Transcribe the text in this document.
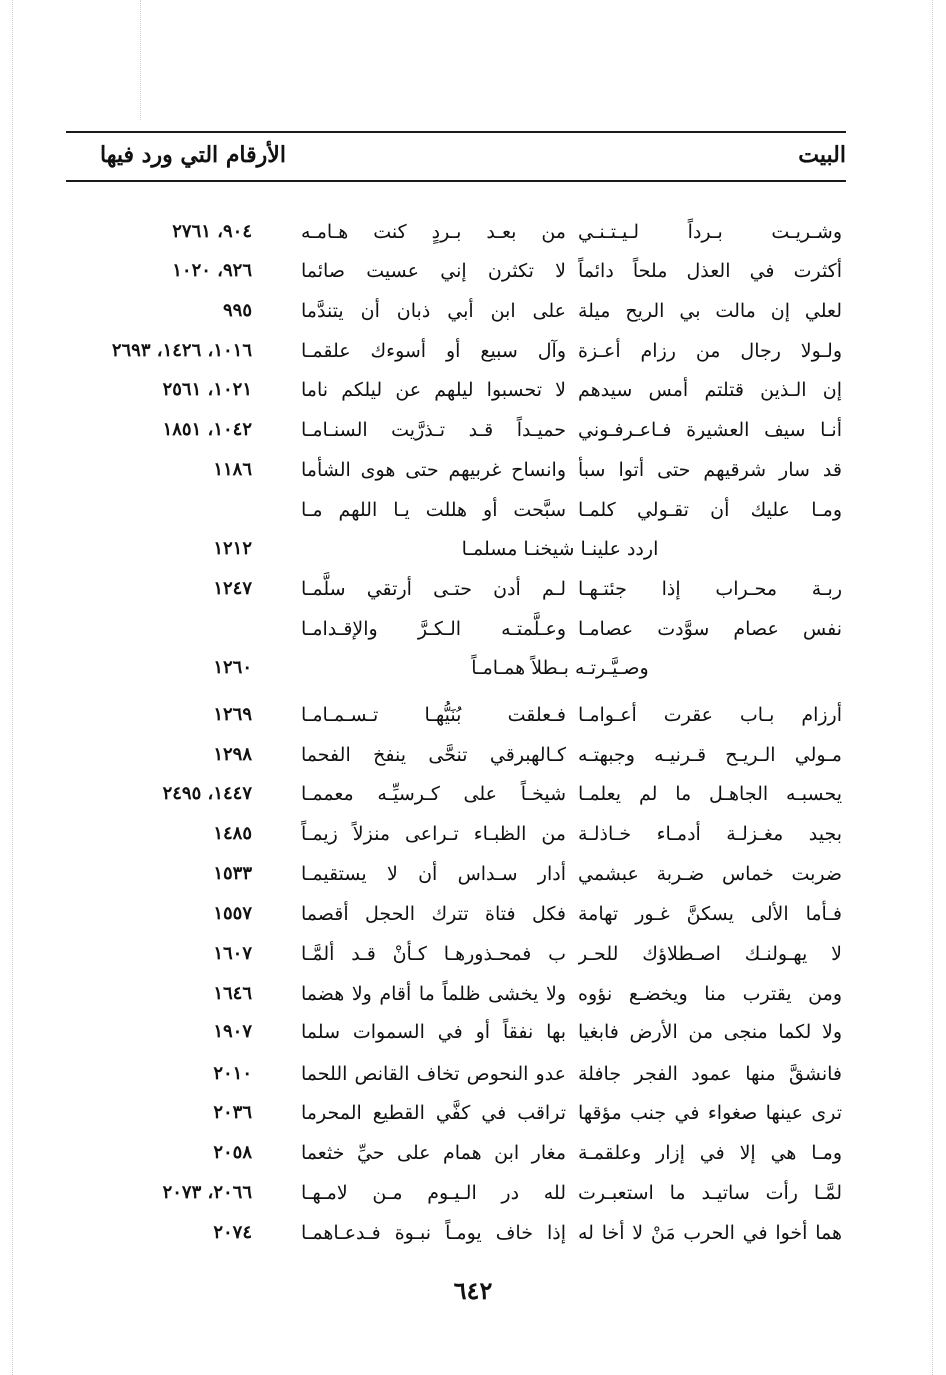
البيت
الأرقام التي ورد فيها
وشـريـت بـرداً لـيـتـنـي
من بعـد بـردٍ كنت هـامـه
٩٠٤، ٢٧٦١
أكثرت في العذل ملحاً دائماً
لا تكثرن إني عسيت صائما
٩٢٦، ١٠٢٠
لعلي إن مالت بي الريح ميلة
على ابن أبي ذبان أن يتندَّما
٩٩٥
ولـولا رجال من رزام أعـزة
وآل سبيع أو أسوءك علقمـا
١٠١٦، ١٤٢٦، ٢٦٩٣
إن الـذين قتلتم أمس سيدهم
لا تحسبوا ليلهم عن ليلكم ناما
١٠٢١، ٢٥٦١
أنـا سيف العشيرة فـاعـرفـوني
حميـداً قـد تـذرَّيت السنـامـا
١٠٤٢، ١٨٥١
قد سار شرقيهم حتى أتوا سبأ
وانساح غربيهم حتى هوى الشأما
١١٨٦
ومـا عليك أن تقـولي كلمـا
سبَّحت أو هللت يـا اللهم مـا
اردد علينـا شيخنـا مسلمـا
١٢١٢
ربـة محـراب إذا جئتـهـا
لـم أدن حتـى أرتقي سلَّمـا
١٢٤٧
نفس عصام سوَّدت عصامـا
وعـلَّمتـه الـكـرَّ والإقـدامـا
وصـيَّـرتـه بـطلاً همـامـاً
١٢٦٠
أرزام بـاب عقرت أعـوامـا
فـعلقت بُنَيُّهـا تـسـمـامـا
١٢٦٩
مـولي الـريـح قـرنيـه وجبهتـه
كـالهبرقي تنحَّى ينفخ الفحما
١٢٩٨
يحسبـه الجاهـل ما لم يعلمـا
شيخـاً على كـرسيِّـه معممـا
١٤٤٧، ٢٤٩٥
بجيد مغـزلـة أدمـاء خـاذلـة
من الظبـاء تـراعى منزلاً زيمـاً
١٤٨٥
ضربت خماس ضـربة عبشمي
أدار سـداس أن لا يستقيمـا
١٥٣٣
فـأما الألى يسكنَّ غـور تهامة
فكل فتاة تترك الحجل أقصما
١٥٥٧
لا يهـولنـك اصـطلاؤك للحـر
ب فمحـذورهـا كـأنْ قـد ألمَّـا
١٦٠٧
ومن يقترب منا ويخضـع نؤوه
ولا يخشى ظلماً ما أقام ولا هضما
١٦٤٦
ولا لكما منجى من الأرض فابغيا
بها نفقاً أو في السموات سلما
١٩٠٧
فانشقَّ منها عمود الفجر جافلة
عدو النحوص تخاف القانص اللحما
٢٠١٠
ترى عينها صغواء في جنب مؤقها
تراقب في كفَّي القطيع المحرما
٢٠٣٦
ومـا هي إلا في إزار وعلقمـة
مغار ابن همام على حيِّ خثعما
٢٠٥٨
لمَّـا رأت ساتيـد ما استعبـرت
لله در الـيـوم مـن لامـهـا
٢٠٦٦، ٢٠٧٣
هما أخوا في الحرب مَنْ لا أخا له
إذا خاف يومـاً نبـوة فـدعـاهمـا
٢٠٧٤
٦٤٢
